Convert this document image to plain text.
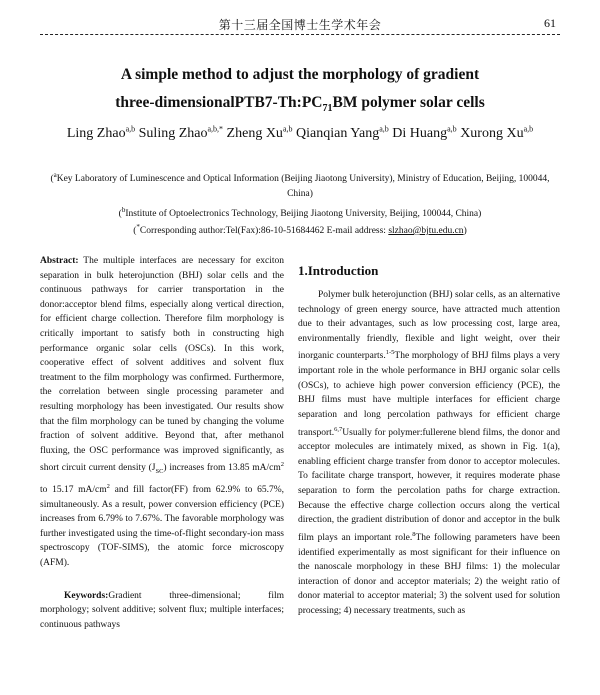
第十三届全国博士生学术年会	61
A simple method to adjust the morphology of gradient
three-$dimensionalPTB7-Th:PC_{71}BM$ polymer solar cells
Ling Zhao$^{a,b}$ Suling Zhao$^{a,b,*}$ Zheng Xu$^{a,b}$ Qianqian Yang$^{a,b}$ Di Huang$^{a,b}$ Xurong Xu$^{a,b}$
($^a$Key Laboratory of Luminescence and Optical Information (Beijing Jiaotong University), Ministry of Education, Beijing, 100044, China)
($^b$Institute of Optoelectronics Technology, Beijing Jiaotong University, Beijing, 100044, China)
(*Corresponding author:Tel(Fax):86-10-51684462 E-mail address: slzhao@bjtu.edu.cn)
Abstract: The multiple interfaces are necessary for exciton separation in bulk heterojunction (BHJ) solar cells and the continuous pathways for carrier transportation in the donor:acceptor blend films, especially along vertical direction, for efficient charge collection. Therefore film morphology is critically important to satisfy both in constructing high performance organic solar cells (OSCs). In this work, cooperative effect of solvent additives and solvent flux treatment to the film morphology was confirmed. Furthermore, the correlation between single processing parameter and resulting morphology has been investigated. Our results show that the film morphology can be tuned by changing the volume fraction of solvent additive. Beyond that, after methanol fluxing, the OSC performance was improved significantly, as short circuit current density $(J_{SC})$ increases from 13.85 $mA/cm^2$ to 15.17 $mA/cm^2$ and fill factor(FF) from 62.9% to 65.7%, simultaneously. As a result, power conversion efficiency (PCE) increases from 6.79% to 7.67%. The favorable morphology was further investigated using the time-of-flight secondary-ion mass spectroscopy (TOF-SIMS), the atomic force microscopy (AFM).
Keywords:Gradient three-dimensional; film morphology; solvent additive; solvent flux; multiple interfaces; continuous pathways
1.Introduction
Polymer bulk heterojunction (BHJ) solar cells, as an alternative technology of green energy source, have attracted much attention due to their advantages, such as low processing cost, large area, environmentally friendly, flexible and light weight, over their inorganic counterparts.$^{1-5}$The morphology of BHJ films plays a very important role in the whole performance in BHJ organic solar cells (OSCs), to achieve high power conversion efficiency (PCE), the BHJ films must have multiple interfaces for efficient charge separation and long percolation pathways for efficient charge transport.$^{6,7}$Usually for polymer:fullerene blend films, the donor and acceptor molecules are intimately mixed, as shown in Fig. 1(a), enabling efficient charge transfer from donor to acceptor molecules. To facilitate charge transport, however, it requires moderate phase separation to form the percolation paths for charge extraction. Because the effective charge collection occurs along the vertical direction, the gradient distribution of donor and acceptor in the bulk film plays an important role.$^8$The following parameters have been identified experimentally as most significant for their influence on the nanoscale morphology in these BHJ films: 1) the molecular interaction of donor and acceptor materials; 2) the weight ratio of donor material to acceptor material; 3) the solvent used for solution processing; 4) necessary treatments, such as
